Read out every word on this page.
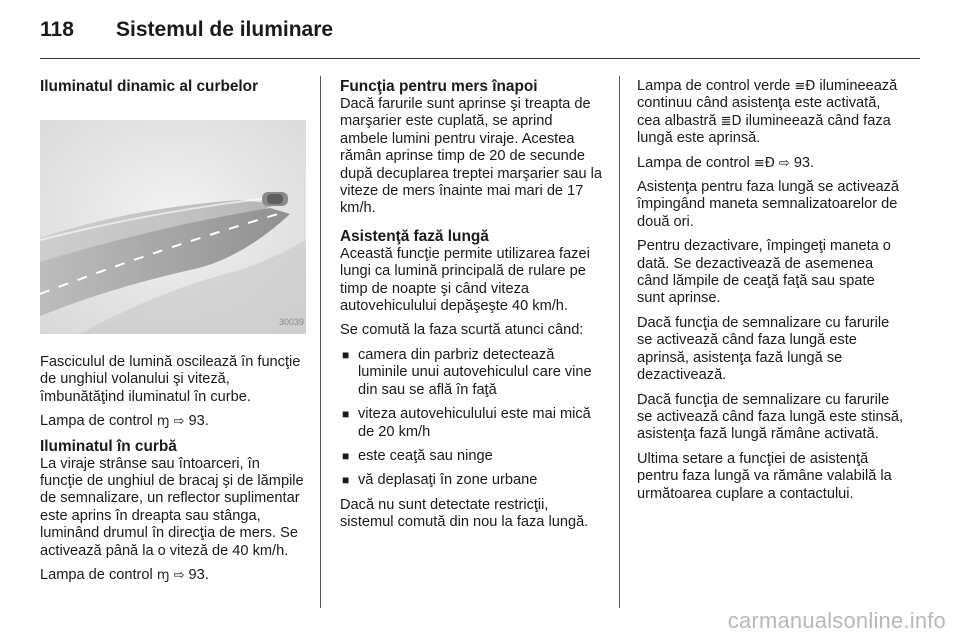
118 Sistemul de iluminare
Iluminatul dinamic al curbelor
30039

Fasciculul de lumină oscilează în funcţie de unghiul volanului şi viteză, îmbunătăţind iluminatul în curbe.

Lampa de control ɱ ⇨ 93.

Iluminatul în curbă

La viraje strânse sau întoarceri, în funcţie de unghiul de bracaj şi de lămpile de semnalizare, un reflector suplimentar este aprins în dreapta sau stânga, luminând drumul în direcţia de mers. Se activează până la o viteză de 40 km/h.

Lampa de control ɱ ⇨ 93.

Funcţia pentru mers înapoi

Dacă farurile sunt aprinse şi treapta de marşarier este cuplată, se aprind ambele lumini pentru viraje. Acestea rămân aprinse timp de 20 de secunde după decuplarea treptei marşarier sau la viteze de mers înainte mai mari de 17 km/h.

Asistenţă fază lungă

Această funcţie permite utilizarea fazei lungi ca lumină principală de rulare pe timp de noapte şi când viteza autovehiculului depăşeşte 40 km/h.

Se comută la faza scurtă atunci când:

■ camera din parbriz detectează luminile unui autovehiculul care vine din sau se află în faţă
■ viteza autovehiculului este mai mică de 20 km/h
■ este ceaţă sau ninge
■ vă deplasaţi în zone urbane

Dacă nu sunt detectate restricţii, sistemul comută din nou la faza lungă.

Lampa de control verde ≡Ɖ ilumineează continuu când asistenţa este activată, cea albastră ≣D ilumineează când faza lungă este aprinsă.

Lampa de control ≡Ɖ ⇨ 93.

Asistenţa pentru faza lungă se activează împingând maneta semnalizatoarelor de două ori.

Pentru dezactivare, împingeţi maneta o dată. Se dezactivează de asemenea când lămpile de ceaţă faţă sau spate sunt aprinse.

Dacă funcţia de semnalizare cu farurile se activează când faza lungă este aprinsă, asistenţa fază lungă se dezactivează.

Dacă funcţia de semnalizare cu farurile se activează când faza lungă este stinsă, asistenţa fază lungă rămâne activată.

Ultima setare a funcţiei de asistenţă pentru faza lungă va rămâne valabilă la următoarea cuplare a contactului.

carmanualsonline.info
